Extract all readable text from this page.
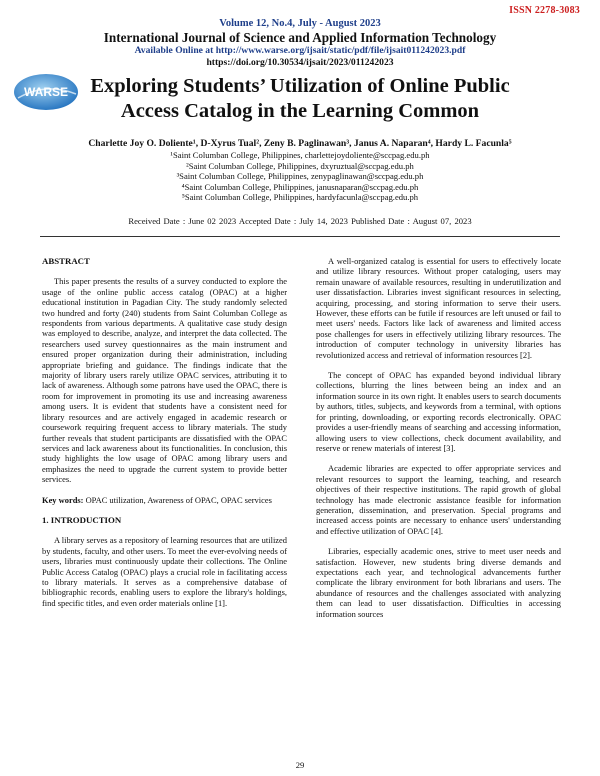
ISSN 2278-3083
Volume 12, No.4, July - August 2023
International Journal of Science and Applied Information Technology
Available Online at http://www.warse.org/ijsait/static/pdf/file/ijsait011242023.pdf
https://doi.org/10.30534/ijsait/2023/011242023
WARSE	Exploring Students’ Utilization of Online Public
Access Catalog in the Learning Common
Charlette Joy O. Doliente¹, D-Xyrus Tual², Zeny B. Paglinawan³, Janus A. Naparan⁴, Hardy L. Facunla⁵
¹Saint Columban College, Philippines, charlettejoydoliente@sccpag.edu.ph
²Saint Columban College, Philippines, dxyruztual@sccpag.edu.ph
³Saint Columban College, Philippines, zenypaglinawan@sccpag.edu.ph
⁴Saint Columban College, Philippines, janusnaparan@sccpag.edu.ph
⁵Saint Columban College, Philippines, hardyfacunla@sccpag.edu.ph
Received Date : June 02 2023 Accepted Date : July 14, 2023 Published Date : August 07, 2023
ABSTRACT

This paper presents the results of a survey conducted to explore the usage of the online public access catalog (OPAC) at a higher educational institution in Pagadian City. The study randomly selected two hundred and forty (240) students from Saint Columban College as respondents from various departments. A qualitative case study design was employed to describe, analyze, and interpret the data collected. The researchers used survey questionnaires as the main instrument and ensured proper organization during their administration, including appropriate briefing and guidance. The findings indicate that the majority of library users rarely utilize OPAC services, attributing it to lack of awareness. Although some patrons have used the OPAC, there is room for improvement in promoting its use and increasing awareness among users. It is evident that students have a consistent need for library resources and are actively engaged in academic research or coursework requiring frequent access to library materials. The study further reveals that student participants are dissatisfied with the OPAC services and lack awareness about its functionalities. In conclusion, this study highlights the low usage of OPAC among library users and emphasizes the need to upgrade the current system to provide better services.

Key words: OPAC utilization, Awareness of OPAC, OPAC services
1. INTRODUCTION

A library serves as a repository of learning resources that are utilized by students, faculty, and other users. To meet the ever-evolving needs of users, libraries must continuously update their collections. The Online Public Access Catalog (OPAC) plays a crucial role in facilitating access to library materials. It serves as a comprehensive database of bibliographic records, enabling users to explore the library's holdings, find specific titles, and even order materials online [1].

A well-organized catalog is essential for users to effectively locate and utilize library resources. Without proper cataloging, users may remain unaware of available resources, resulting in underutilization and user dissatisfaction. Libraries invest significant resources in selecting, acquiring, processing, and storing information to serve their users. However, these efforts can be futile if resources are left unused or fail to meet users' needs. Factors like lack of awareness and limited access pose challenges for users in effectively utilizing library resources. The introduction of computer technology in university libraries has revolutionized access and retrieval of information resources [2].

The concept of OPAC has expanded beyond individual library collections, blurring the lines between being an index and an information source in its own right. It enables users to search documents by authors, titles, subjects, and keywords from a terminal, with options for printing, downloading, or exporting records electronically. OPAC provides a user-friendly means of searching and accessing information, allowing users to view collections, check document availability, and reserve or renew materials of interest [3].

Academic libraries are expected to offer appropriate services and relevant resources to support the learning, teaching, and research objectives of their respective institutions. The rapid growth of global technology has made electronic assistance feasible for information generation, dissemination, and preservation. Special programs and increased access points are necessary to enhance users' understanding and effective utilization of OPAC [4].

Libraries, especially academic ones, strive to meet user needs and satisfaction. However, new students bring diverse demands and expectations each year, and technological advancements further complicate the library environment for both librarians and users. The abundance of resources and the challenges associated with analyzing them can lead to user dissatisfaction. Difficulties in accessing information sources

29
